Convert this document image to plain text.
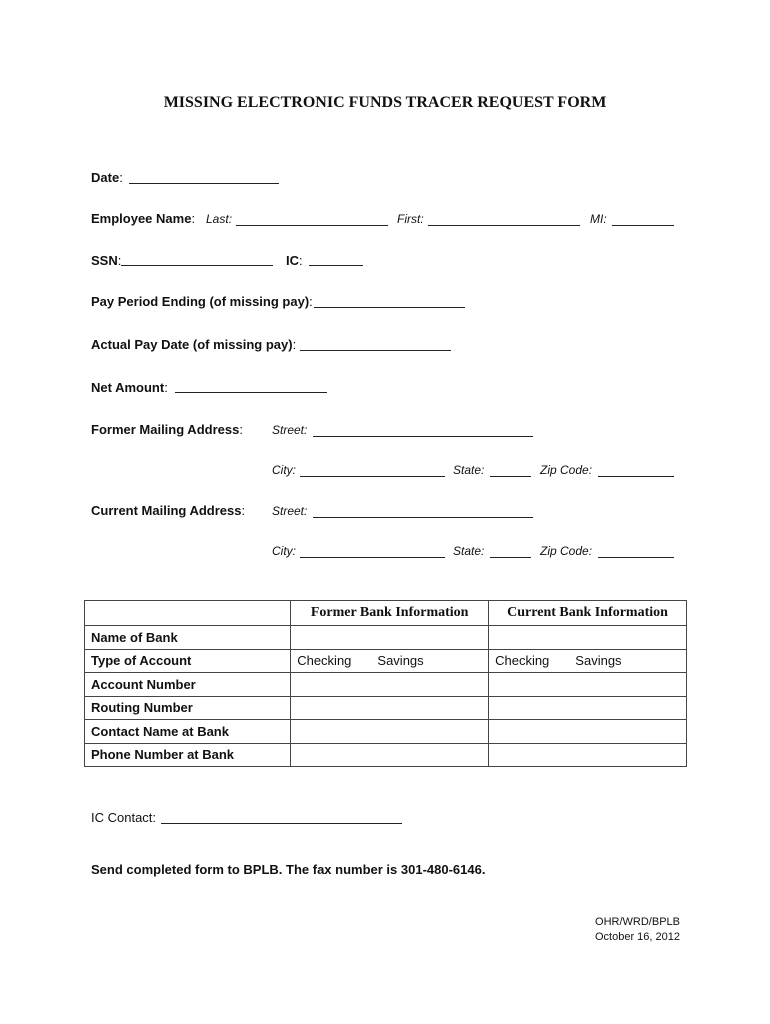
MISSING ELECTRONIC FUNDS TRACER REQUEST FORM
Date:
Employee Name: Last:	First:	MI:
SSN:	IC:
Pay Period Ending (of missing pay):
Actual Pay Date (of missing pay):
Net Amount:
Former Mailing Address: Street:
City:	State:	Zip Code:
Current Mailing Address: Street:
City:	State:	Zip Code:
	Former Bank Information	Current Bank Information
Name of Bank		
Type of Account	Checking Savings	Checking Savings
Account Number		
Routing Number		
Contact Name at Bank		
Phone Number at Bank		
IC Contact:
Send completed form to BPLB. The fax number is 301-480-6146.
OHR/WRD/BPLB
October 16, 2012
